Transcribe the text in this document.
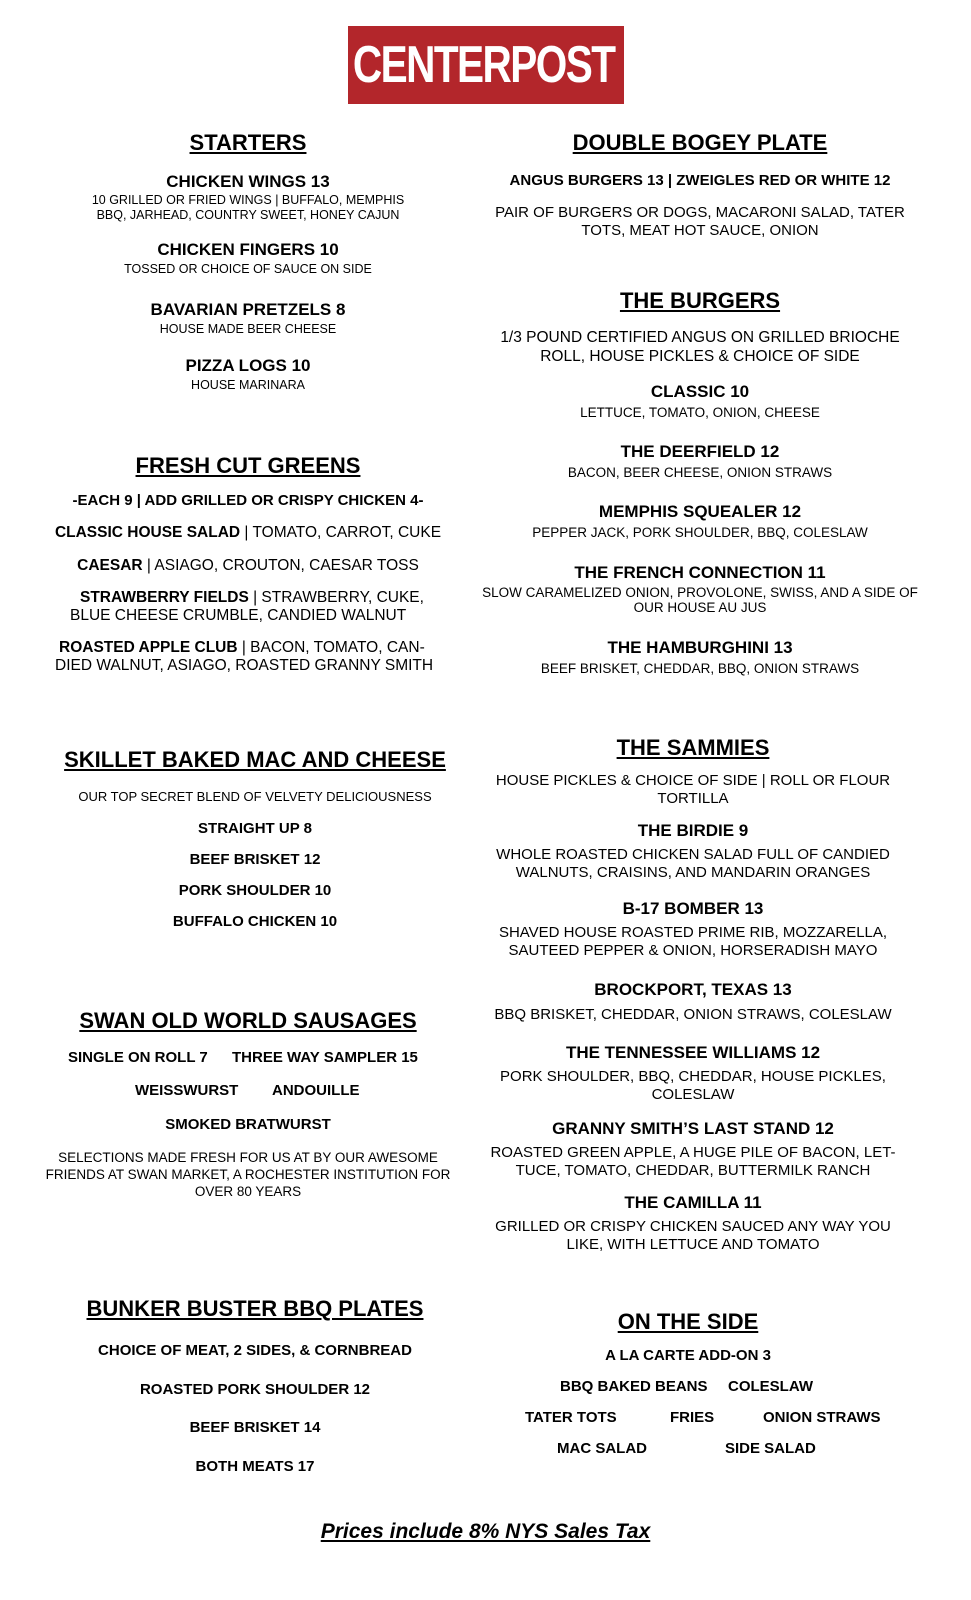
CENTERPOST GRILLE
STARTERS
CHICKEN WINGS 13
10 GRILLED OR FRIED WINGS | BUFFALO, MEMPHIS BBQ, JARHEAD, COUNTRY SWEET, HONEY CAJUN
CHICKEN FINGERS 10
TOSSED OR CHOICE OF SAUCE ON SIDE
BAVARIAN PRETZELS 8
HOUSE MADE BEER CHEESE
PIZZA LOGS 10
HOUSE MARINARA
FRESH CUT GREENS
-EACH 9 | ADD GRILLED OR CRISPY CHICKEN 4-
CLASSIC HOUSE SALAD | TOMATO, CARROT, CUKE
CAESAR | ASIAGO, CROUTON, CAESAR TOSS
STRAWBERRY FIELDS | STRAWBERRY, CUKE,
BLUE CHEESE CRUMBLE, CANDIED WALNUT
ROASTED APPLE CLUB | BACON, TOMATO, CAN-
DIED WALNUT, ASIAGO, ROASTED GRANNY SMITH
SKILLET BAKED MAC AND CHEESE
OUR TOP SECRET BLEND OF VELVETY DELICIOUSNESS
STRAIGHT UP 8
BEEF BRISKET 12
PORK SHOULDER 10
BUFFALO CHICKEN 10
SWAN OLD WORLD SAUSAGES
SINGLE ON ROLL 7 THREE WAY SAMPLER 15
WEISSWURST ANDOUILLE
SMOKED BRATWURST
SELECTIONS MADE FRESH FOR US AT BY OUR AWESOME FRIENDS AT SWAN MARKET, A ROCHESTER INSTITUTION FOR OVER 80 YEARS
BUNKER BUSTER BBQ PLATES
CHOICE OF MEAT, 2 SIDES, & CORNBREAD
ROASTED PORK SHOULDER 12
BEEF BRISKET 14
BOTH MEATS 17
DOUBLE BOGEY PLATE
ANGUS BURGERS 13 | ZWEIGLES RED OR WHITE 12
PAIR OF BURGERS OR DOGS, MACARONI SALAD, TATER TOTS, MEAT HOT SAUCE, ONION
THE BURGERS
1/3 POUND CERTIFIED ANGUS ON GRILLED BRIOCHE ROLL, HOUSE PICKLES & CHOICE OF SIDE
CLASSIC 10
LETTUCE, TOMATO, ONION, CHEESE
THE DEERFIELD 12
BACON, BEER CHEESE, ONION STRAWS
MEMPHIS SQUEALER 12
PEPPER JACK, PORK SHOULDER, BBQ, COLESLAW
THE FRENCH CONNECTION 11
SLOW CARAMELIZED ONION, PROVOLONE, SWISS, AND A SIDE OF OUR HOUSE AU JUS
THE HAMBURGHINI 13
BEEF BRISKET, CHEDDAR, BBQ, ONION STRAWS
THE SAMMIES
HOUSE PICKLES & CHOICE OF SIDE | ROLL OR FLOUR TORTILLA
THE BIRDIE 9
WHOLE ROASTED CHICKEN SALAD FULL OF CANDIED WALNUTS, CRAISINS, AND MANDARIN ORANGES
B-17 BOMBER 13
SHAVED HOUSE ROASTED PRIME RIB, MOZZARELLA, SAUTEED PEPPER & ONION, HORSERADISH MAYO
BROCKPORT, TEXAS 13
BBQ BRISKET, CHEDDAR, ONION STRAWS, COLESLAW
THE TENNESSEE WILLIAMS 12
PORK SHOULDER, BBQ, CHEDDAR, HOUSE PICKLES, COLESLAW
GRANNY SMITH’S LAST STAND 12
ROASTED GREEN APPLE, A HUGE PILE OF BACON, LET-TUCE, TOMATO, CHEDDAR, BUTTERMILK RANCH
THE CAMILLA 11
GRILLED OR CRISPY CHICKEN SAUCED ANY WAY YOU LIKE, WITH LETTUCE AND TOMATO
ON THE SIDE
A LA CARTE ADD-ON 3
BBQ BAKED BEANS COLESLAW
TATER TOTS	FRIES	ONION STRAWS
MAC SALAD	SIDE SALAD
Prices include 8% NYS Sales Tax
